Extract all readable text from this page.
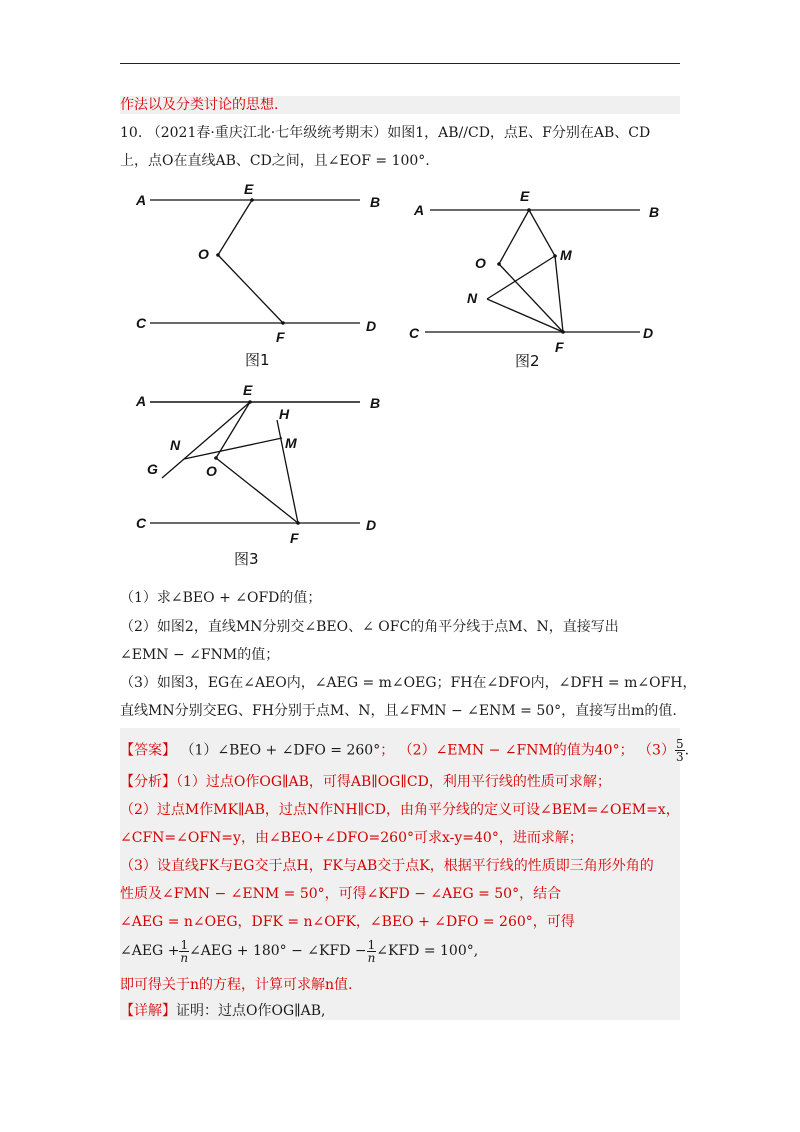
作法以及分类讨论的思想.
10. （2021春·重庆江北·七年级统考期末）如图1，AB//CD，点E、F分别在AB、CD
上，点O在直线AB、CD之间，且∠EOF = 100°.
A	B
C	D
E
O
F
图1
A	B
C	D
E
M
O
N
F
图2
A	B
C	D
E
H
M
N
O
G
F
图3
（1）求∠BEO + ∠OFD的值；
（2）如图2，直线MN分别交∠BEO、∠ OFC的角平分线于点M、N，直接写出
∠EMN − ∠FNM的值；
（3）如图3，EG在∠AEO内，∠AEG = m∠OEG；FH在∠DFO内，∠DFH = m∠OFH，
直线MN分别交EG、FH分别于点M、N，且∠FMN − ∠ENM = 50°，直接写出m的值.
【答案】 （1）∠BEO + ∠DFO = 260°； （2）∠EMN − ∠FNM的值为40°； $(3) \frac{5}{3}$ .
【分析】（1）过点O作OG∥AB，可得AB∥OG∥CD，利用平行线的性质可求解；
（2）过点M作MK∥AB，过点N作NH∥CD，由角平分线的定义可设∠BEM=∠OEM=x，
∠CFN=∠OFN=y，由∠BEO+∠DFO=260°可求x-y=40°，进而求解；
（3）设直线FK与EG交于点H，FK与AB交于点K，根据平行线的性质即三角形外角的
性质及∠FMN − ∠ENM = 50°，可得∠KFD − ∠AEG = 50°，结合
∠AEG = n∠OEG，DFK = n∠OFK，∠BEO + ∠DFO = 260°，可得
∠AEG + $\frac{1}{n}$ ∠AEG + 180° − ∠KFD − $\frac{1}{n}$ ∠KFD = 100°,
即可得关于n的方程，计算可求解n值.
【详解】证明：过点O作OG∥AB,
